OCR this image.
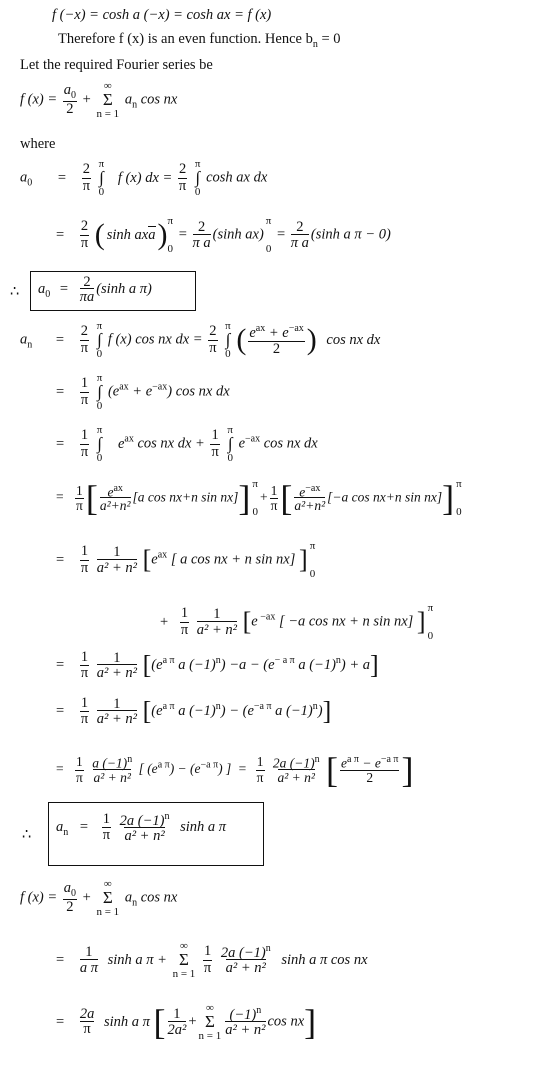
f (−x) = cosh a (−x) = cosh ax = f (x)
Therefore f (x) is an even function. Hence $b_n = 0$
Let the required Fourier series be
f $(x) = \frac{a_0}{2}$ +
∞
Σ
n = 1
$a_n$ cos nx
where
$a_0 = \frac{2}{\pi}$
π
∫
0
f (x) dx = $\frac{2}{\pi}$
π
∫
0
cosh ax dx
= $\frac{2}{\pi}$ ( sinh axa) π
0
= $\frac{2}{\text{π a}} (\sinh$ ax)
π
0
= $\frac{2}{\text{π a}} (\sinh$ a π − 0)
∴ $a_0 = \frac{2}{\pi a} (\sinh$ a π)
$a_n = \frac{2}{\pi}$
π
∫
0
f (x) cos nx dx = $\frac{2}{\pi}$
π
∫
0 ( $\frac{e^{ax} + e^{-ax}}{2}$ ) cos nx dx
= $\frac{1}{\pi}$
π
∫
0
$(e^{ax} + e^{-ax})$ cos nx dx
= $\frac{1}{\pi}$
π
∫
0
$e^{ax}$ cos nx dx + $\frac{1}{\pi}$
π
∫
0
$e^{-ax}$ cos nx dx
= $\frac{1}{\pi}$ [ $\frac{e^{ax}}{\text{a²+n²}} [a$ cos nx+n sin nx]] π
0
+ $\frac{1}{\pi}$ [ $\frac{e^{-ax}}{\text{a²+n²}} [-a$ cos nx+n sin nx]] π
0
= $\frac{1}{\pi}$
$\frac{1}{\text{a² + n²}} [e^{ax}$ [ a cos nx + n sin nx] ] π
0
+ $\frac{1}{\pi}$
$\frac{1}{\text{a² + n²}} [e$ $^{-ax}$ [ −a cos nx + n sin nx] ] π
0
= $\frac{1}{\pi}$
$\frac{1}{\text{a² + n²}} [(e^{a \pi}$ a $(-1)^n) -a - (e^{- a \pi}$ a $(-1)^n) + a$]
= $\frac{1}{\pi}$
$\frac{1}{\text{a² + n²}} [(e^{a \pi}$ a $(-1)^n) - (e^{-a \pi}$ a $(-1)^n$)]
= $\frac{1}{\pi}$
$\frac{a (-1)^n}{\text{a² + n²}}$ [ $(e^{a \pi}) - (e^{-a \pi})$ ] = $\frac{1}{\pi}$
$\frac{2a (-1)^n}{\text{a² + n²}}$ [ $\frac{e^{a \pi} - e^{-a \pi}}{2}$ ]
∴ $a_n = \frac{1}{\pi}$
$\frac{2a (-1)^n}{\text{a² + n²}}$ sinh a π
f $(x) = \frac{a_0}{2}$ +
∞
Σ
n = 1
$a_n$ cos nx
= $\frac{1}{\text{a π}}$ sinh a π +
∞
Σ
n = 1
$\frac{1}{\pi}$
$\frac{2a (-1)^n}{\text{a² + n²}}$ sinh a π cos nx
= $\frac{2a}{\pi}$ sinh a π [ $\frac{1}{\text{2a²}}$ +
∞
Σ
$n = 1 \frac{(-1)^n}{\text{a² + n²}}$ cos nx]
